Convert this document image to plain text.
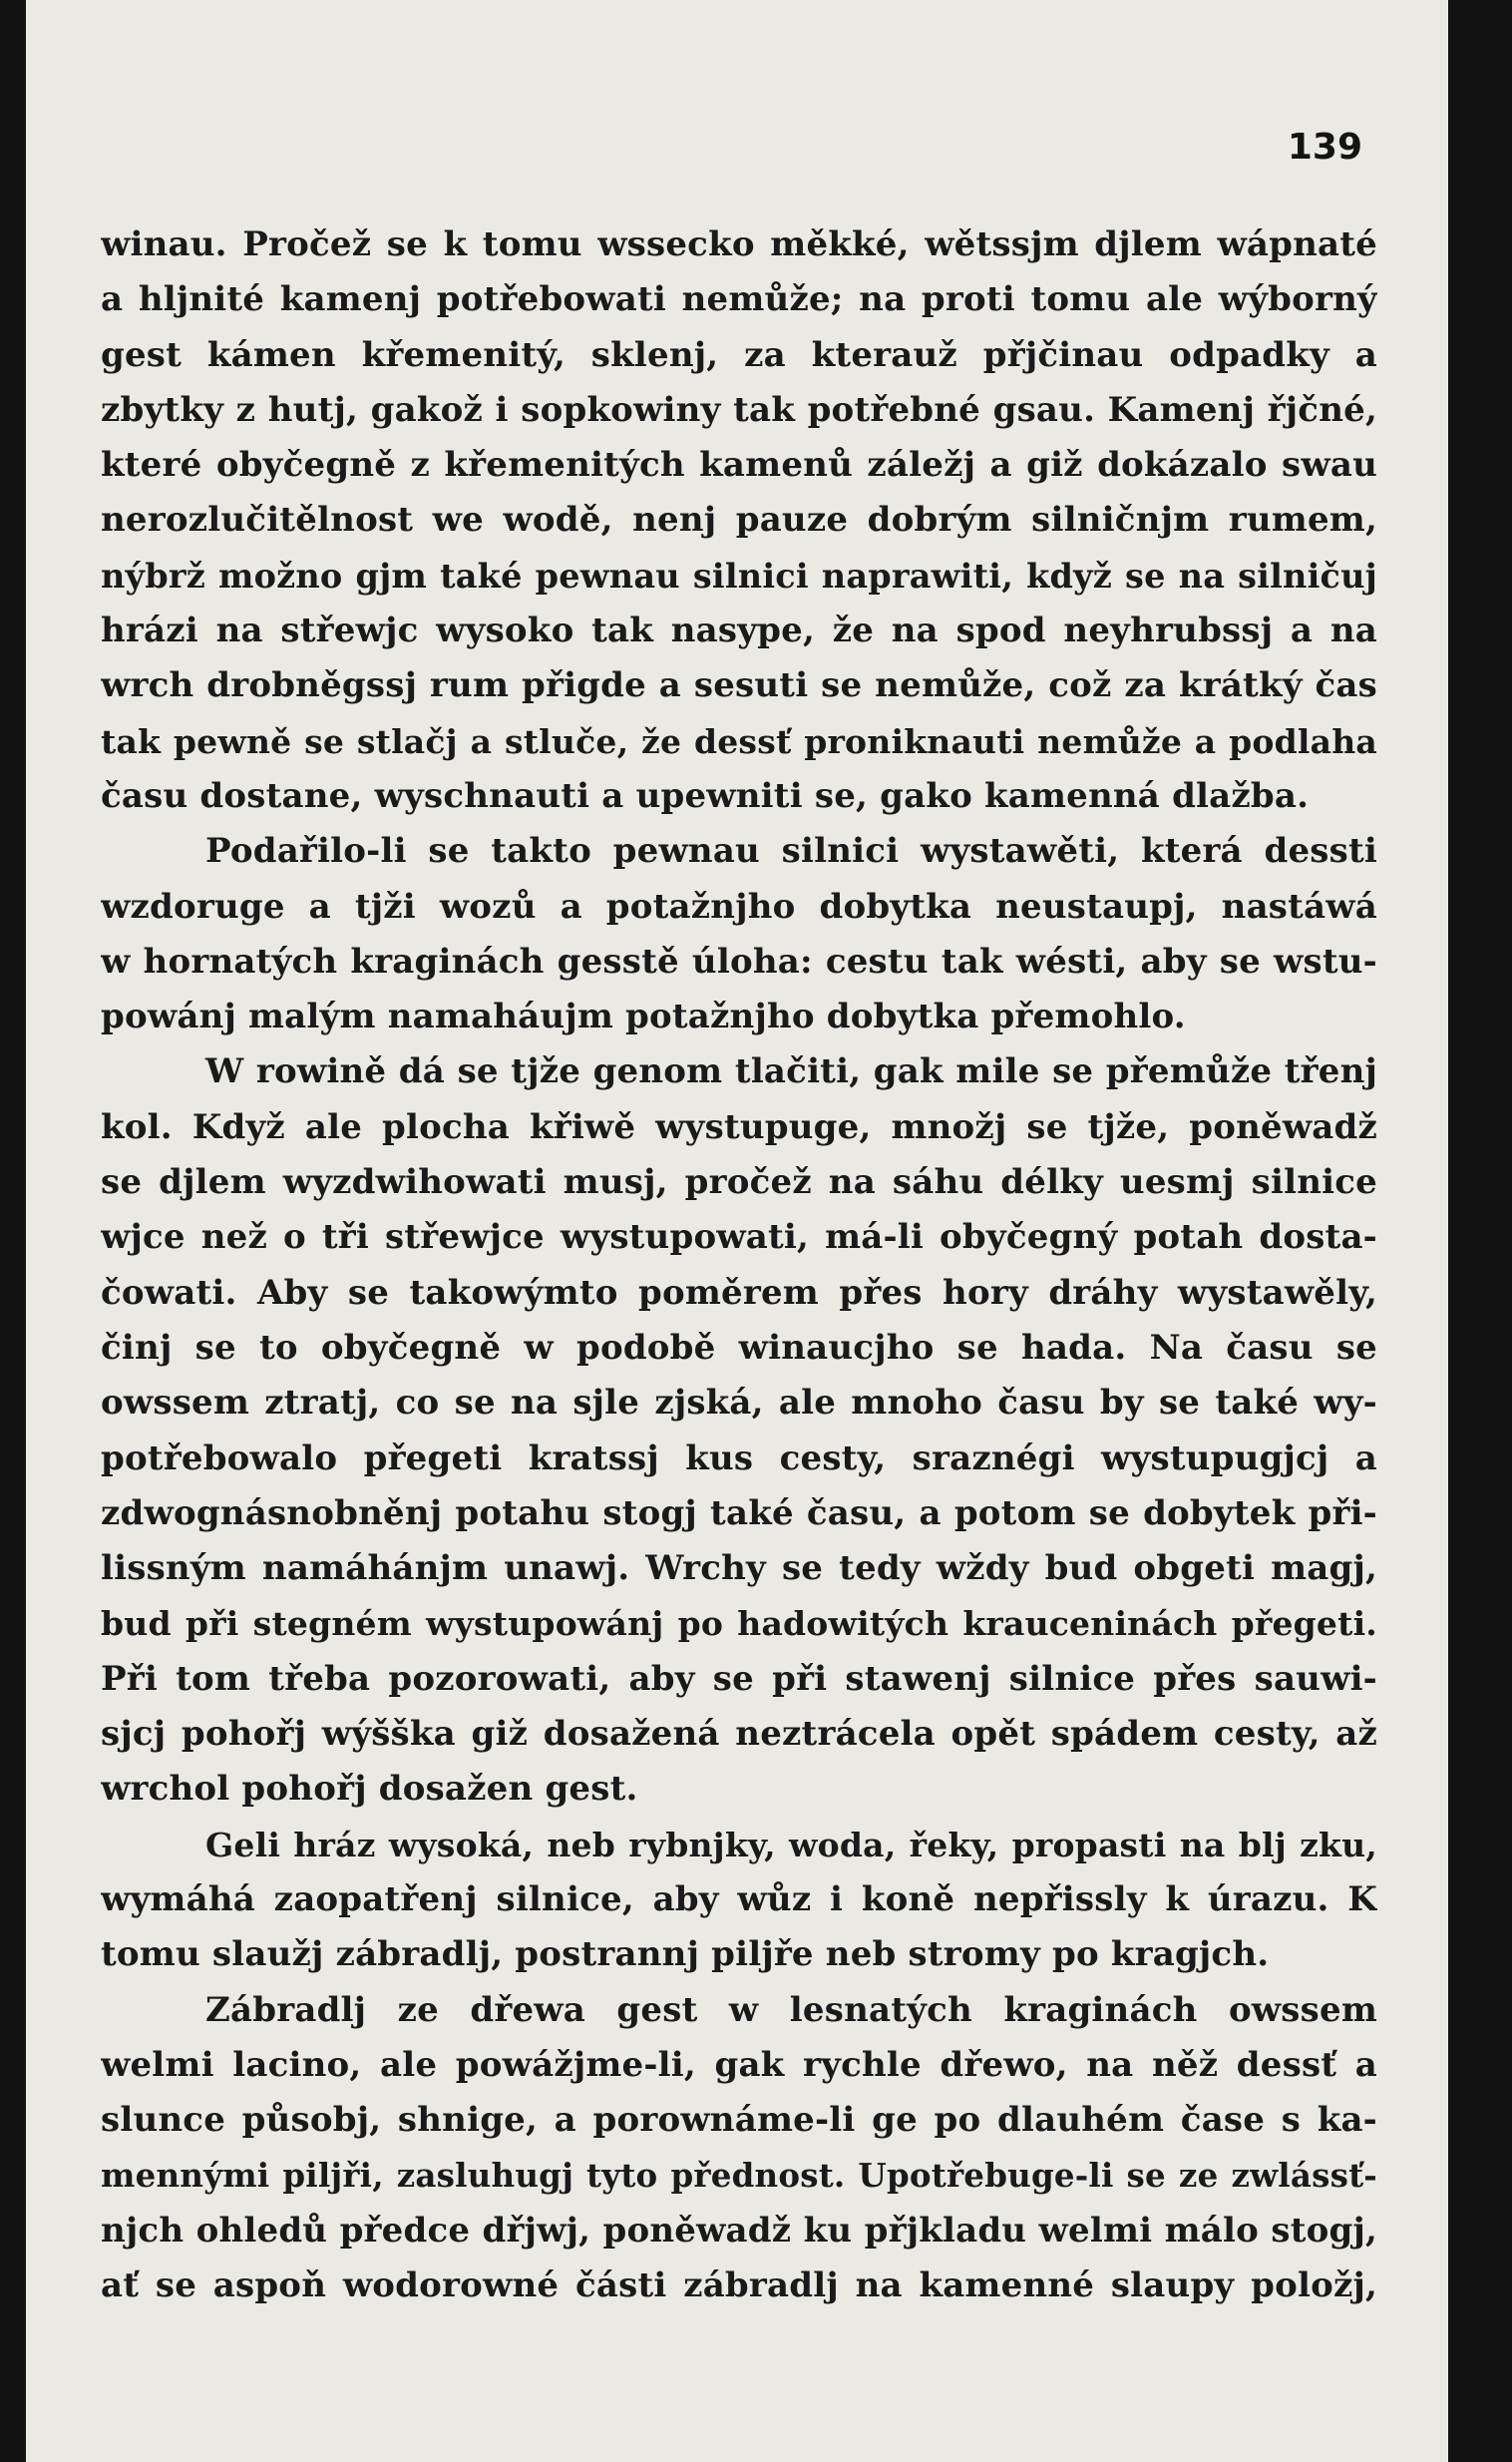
139
winau. Pročež se k tomu wssecko měkké, wětssjm djlem wápnaté
a hljnité kamenj potřebowati nemůže; na proti tomu ale wýborný
gest kámen křemenitý, sklenj, za kterauž přjčinau odpadky a
zbytky z hutj, gakož i sopkowiny tak potřebné gsau. Kamenj řjčné,
které obyčegně z křemenitých kamenů záležj a giž dokázalo swau
nerozlučitělnost we wodě, nenj pauze dobrým silničnjm rumem,
nýbrž možno gjm také pewnau silnici naprawiti, když se na silničuj
hrázi na střewjc wysoko tak nasype, že na spod neyhrubssj a na
wrch drobněgssj rum přigde a sesuti se nemůže, což za krátký čas
tak pewně se stlačj a stluče, že dessť proniknauti nemůže a podlaha
času dostane, wyschnauti a upewniti se, gako kamenná dlažba.
Podařilo-li se takto pewnau silnici wystawěti, která dessti
wzdoruge a tjži wozů a potažnjho dobytka neustaupj, nastáwá
w hornatých kraginách gesstě úloha: cestu tak wésti, aby se wstu-
powánj malým namaháujm potažnjho dobytka přemohlo.
W rowině dá se tjže genom tlačiti, gak mile se přemůže třenj
kol. Když ale plocha křiwě wystupuge, množj se tjže, poněwadž
se djlem wyzdwihowati musj, pročež na sáhu délky uesmj silnice
wjce než o tři střewjce wystupowati, má-li obyčegný potah dosta-
čowati. Aby se takowýmto poměrem přes hory dráhy wystawěly,
činj se to obyčegně w podobě winaucjho se hada. Na času se
owssem ztratj, co se na sjle zjská, ale mnoho času by se také wy-
potřebowalo přegeti kratssj kus cesty, sraznégi wystupugjcj a
zdwognásnobněnj potahu stogj také času, a potom se dobytek při-
lissným namáhánjm unawj. Wrchy se tedy wždy bud obgeti magj,
bud při stegném wystupowánj po hadowitých krauceninách přegeti.
Při tom třeba pozorowati, aby se při stawenj silnice přes sauwi-
sjcj pohořj wýšška giž dosažená neztrácela opět spádem cesty, až
wrchol pohořj dosažen gest.
Geli hráz wysoká, neb rybnjky, woda, řeky, propasti na blj zku,
wymáhá zaopatřenj silnice, aby wůz i koně nepřissly k úrazu. K
tomu slaužj zábradlj, postrannj piljře neb stromy po kragjch.
Zábradlj ze dřewa gest w lesnatých kraginách owssem
welmi lacino, ale powážjme-li, gak rychle dřewo, na něž dessť a
slunce působj, shnige, a porownáme-li ge po dlauhém čase s ka-
mennými piljři, zasluhugj tyto přednost. Upotřebuge-li se ze zwlássť-
njch ohledů předce dřjwj, poněwadž ku přjkladu welmi málo stogj,
ať se aspoň wodorowné části zábradlj na kamenné slaupy položj,
